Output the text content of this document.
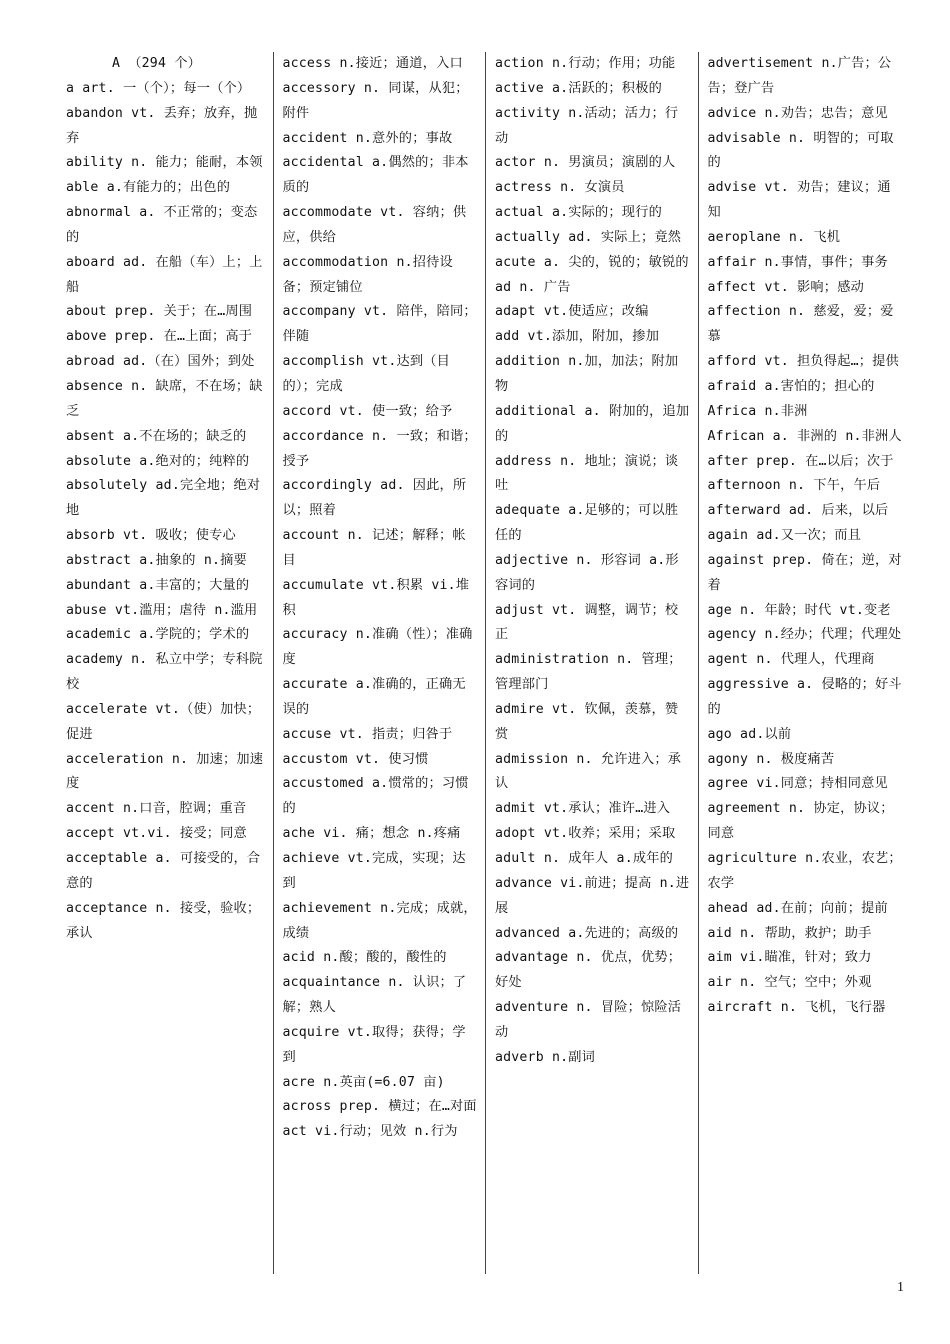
A （294 个）
a art. 一（个）；每一（个）
abandon vt. 丢弃；放弃，抛弃
ability n. 能力；能耐，本领
able a.有能力的；出色的
abnormal a. 不正常的；变态的
aboard ad. 在船（车）上；上船
about prep. 关于；在…周围
above prep. 在…上面；高于
abroad ad.（在）国外；到处
absence n. 缺席，不在场；缺乏
absent a.不在场的；缺乏的
absolute a.绝对的；纯粹的
absolutely ad.完全地；绝对地
absorb vt. 吸收；使专心
abstract a.抽象的 n.摘要
abundant a.丰富的；大量的
abuse vt.滥用；虐待 n.滥用
academic a.学院的；学术的
academy n. 私立中学；专科院校
accelerate vt.（使）加快；促进
acceleration n. 加速；加速度
accent n.口音，腔调；重音
accept vt.vi. 接受；同意
acceptable a. 可接受的，合意的
acceptance n. 接受，验收；承认
access n.接近；通道，入口
accessory n. 同谋，从犯；附件
accident n.意外的；事故
accidental a.偶然的；非本质的
accommodate vt. 容纳；供应，供给
accommodation n.招待设备；预定铺位
accompany vt. 陪伴，陪同；伴随
accomplish vt.达到（目的）；完成
accord vt. 使一致；给予
accordance n. 一致；和谐；授予
accordingly ad. 因此，所以；照着
account n. 记述；解释；帐目
accumulate vt.积累 vi.堆积
accuracy n.准确（性）；准确度
accurate a.准确的，正确无误的
accuse vt. 指责；归咎于
accustom vt. 使习惯
accustomed a.惯常的；习惯的
ache vi. 痛；想念 n.疼痛
achieve vt.完成，实现；达到
achievement n.完成；成就，成绩
acid n.酸；酸的，酸性的
acquaintance n. 认识；了解；熟人
acquire vt.取得；获得；学到
acre n.英亩(=6.07 亩)
across prep. 横过；在…对面
act vi.行动；见效 n.行为
action n.行动；作用；功能
active a.活跃的；积极的
activity n.活动；活力；行动
actor n. 男演员；演剧的人
actress n. 女演员
actual a.实际的；现行的
actually ad. 实际上；竟然
acute a. 尖的，锐的；敏锐的
ad n. 广告
adapt vt.使适应；改编
add vt.添加，附加，掺加
addition n.加，加法；附加物
additional a. 附加的，追加的
address n. 地址；演说；谈吐
adequate a.足够的；可以胜任的
adjective n. 形容词 a.形容词的
adjust vt. 调整，调节；校正
administration n. 管理；管理部门
admire vt. 钦佩，羡慕，赞赏
admission n. 允许进入；承认
admit vt.承认；准许…进入
adopt vt.收养；采用；采取
adult n. 成年人 a.成年的
advance vi.前进；提高 n.进展
advanced a.先进的；高级的
advantage n. 优点，优势；好处
adventure n. 冒险；惊险活动
adverb n.副词
advertisement n.广告；公告；登广告
advice n.劝告；忠告；意见
advisable n. 明智的；可取的
advise vt. 劝告；建议；通知
aeroplane n. 飞机
affair n.事情，事件；事务
affect vt. 影响；感动
affection n. 慈爱，爱；爱慕
afford vt. 担负得起…；提供
afraid a.害怕的；担心的
Africa n.非洲
African a. 非洲的 n.非洲人
after prep. 在…以后；次于
afternoon n. 下午，午后
afterward ad. 后来，以后
again ad.又一次；而且
against prep. 倚在；逆，对着
age n. 年龄；时代 vt.变老
agency n.经办；代理；代理处
agent n. 代理人，代理商
aggressive a. 侵略的；好斗的
ago ad.以前
agony n. 极度痛苦
agree vi.同意；持相同意见
agreement n. 协定，协议；同意
agriculture n.农业，农艺；农学
ahead ad.在前；向前；提前
aid n. 帮助，救护；助手
aim vi.瞄准，针对；致力
air n. 空气；空中；外观
aircraft n. 飞机，飞行器
1
